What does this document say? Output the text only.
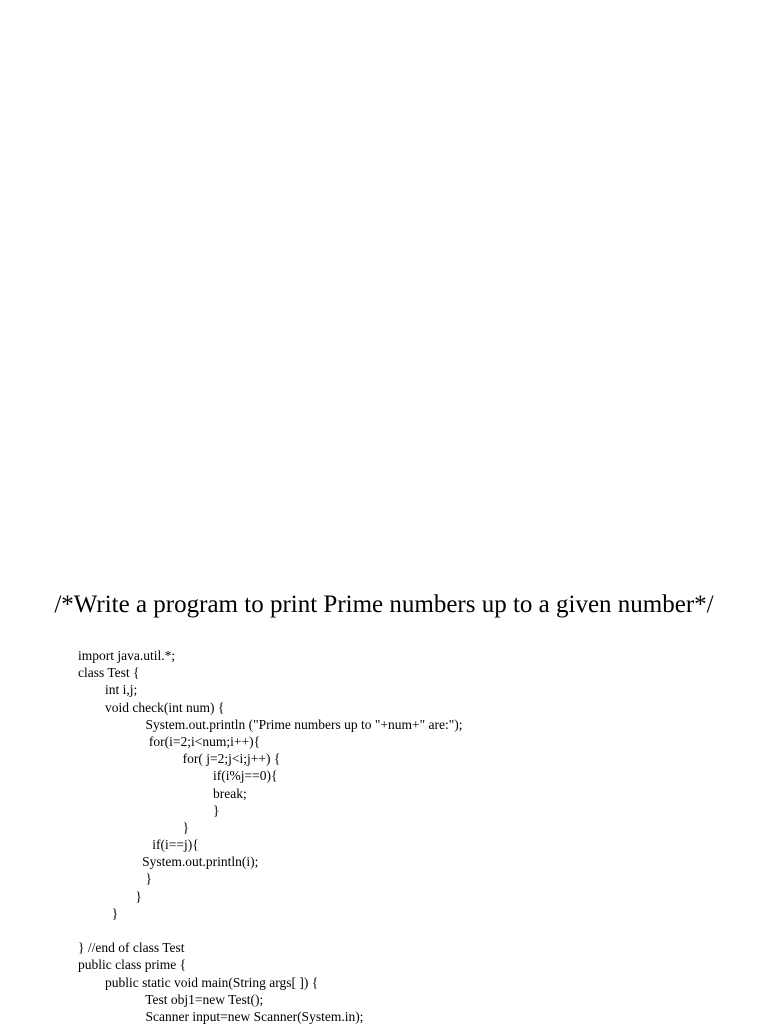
/*Write a program to print Prime numbers up to a given number*/
import java.util.*;
class Test {
int i,j;
void check(int num) {
System.out.println ("Prime numbers up to "+num+" are:");
for(i=2;i<num;i++){
for( j=2;j<i;j++) {
if(i%j==0){
break;
}
}
if(i==j){
System.out.println(i);
}
}
}
} //end of class Test
public class prime {
public static void main(String args[ ]) {
Test obj1=new Test();
Scanner input=new Scanner(System.in);
